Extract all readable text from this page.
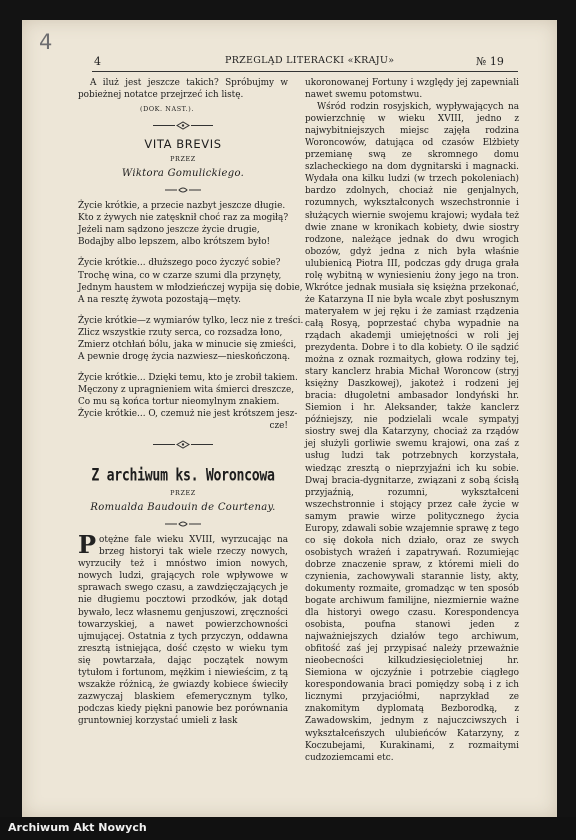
4
4	PRZEGLĄD LITERACKI «KRAJU»	№ 19

A iluż jest jeszcze takich? Spróbujmy w pobieżnej notatce przejrzeć ich listę.

(DOK. NAST.).

VITA BREVIS
PRZEZ
Wiktora Gomulickiego.
Życie krótkie, a przecie nazbyt jeszcze długie.
Kto z żywych nie zatęsknił choć raz za mogiłą?
Jeżeli nam sądzono jeszcze życie drugie,
Bodajby albo lepszem, albo krótszem było!
Życie krótkie... dłuższego poco życzyć sobie?
Trochę wina, co w czarze szumi dla przynęty,
Jednym haustem w młodzieńczej wypija się dobie,
A na resztę żywota pozostają—męty.
Życie krótkie—z wymiarów tylko, lecz nie z treści.
Zlicz wszystkie rzuty serca, co rozsadza łono,
Zmierz otchłań bólu, jaka w minucie się zmieści,
A pewnie drogę życia nazwiesz—nieskończoną.
Życie krótkie... Dzięki temu, kto je zrobił takiem.
Męczony z upragnieniem wita śmierci dreszcze,
Co mu są końca tortur nieomylnym znakiem.
Życie krótkie... O, czemuż nie jest krótszem jesz-
cze!
Z archiwum ks. Woroncowa
PRZEZ
Romualda Baudouin de Courtenay.

Potężne fale wieku XVIII, wyrzucając na brzeg historyi tak wiele rzeczy nowych, wyrzuciły też i mnóstwo imion nowych, nowych ludzi, grających role wpływowe w sprawach swego czasu, a zawdzięczających je nie długiemu pocztowi przodków, jak dotąd bywało, lecz własnemu genjuszowi, zręczności towarzyskiej, a nawet powierzchowności ujmującej. Ostatnia z tych przyczyn, oddawna zresztą istniejąca, dość często w wieku tym się powtarzała, dając początek nowym tytułom i fortunom, mężkim i niewieścim, z tą wszakże różnicą, że gwiazdy kobiece świeciły zazwyczaj blaskiem efemerycznym tylko, podczas kiedy piękni panowie bez porównania gruntowniej korzystać umieli z łask

ukoronowanej Fortuny i względy jej zapewniali nawet swemu potomstwu.

Wśród rodzin rosyjskich, wypływających na powierzchnię w wieku XVIII, jedno z najwybitniejszych miejsc zajęła rodzina Woroncowów, datująca od czasów Elżbiety przemianę swą ze skromnego domu szlacheckiego na dom dygnitarski i magnacki. Wydała ona kilku ludzi (w trzech pokoleniach) bardzo zdolnych, chociaż nie genjalnych, rozumnych, wykształconych wszechstronnie i służących wiernie swojemu krajowi; wydała też dwie znane w kronikach kobiety, dwie siostry rodzone, należące jednak do dwu wrogich obozów, gdyż jedna z nich była właśnie ulubienicą Piotra III, podczas gdy druga grała rolę wybitną w wyniesieniu żony jego na tron. Wkrótce jednak musiała się księżna przekonać, że Katarzyna II nie była wcale zbyt posłusznym materyałem w jej ręku i że zamiast rządzenia całą Rosyą, poprzestać chyba wypadnie na rządach akademji umiejętności w roli jej prezydenta. Dobre i to dla kobiety. O ile sądzić można z oznak rozmaitych, głowa rodziny tej, stary kanclerz hrabia Michał Woroncow (stryj księżny Daszkowej), jakoteż i rodzeni jej bracia: długoletni ambasador londyński hr. Siemion i hr. Aleksander, także kanclerz późniejszy, nie podzielali wcale sympatyj siostry swej dla Katarzyny, chociaż za rządów jej służyli gorliwie swemu krajowi, ona zaś z usług ludzi tak potrzebnych korzystała, wiedząc zresztą o nieprzyjaźni ich ku sobie. Dwaj bracia-dygnitarze, związani z sobą ścisłą przyjaźnią, rozumni, wykształceni wszechstronnie i stojący przez całe życie w samym prawie wirze politycznego życia Europy, zdawali sobie wzajemnie sprawę z tego co się dokoła nich działo, oraz ze swych osobistych wrażeń i zapatrywań. Rozumiejąc dobrze znaczenie spraw, z któremi mieli do czynienia, zachowywali starannie listy, akty, dokumenty rozmaite, gromadząc w ten sposób bogate archiwum familijne, niezmiernie ważne dla historyi owego czasu. Korespondencya osobista, poufna stanowi jeden z najważniejszych działów tego archiwum, obfitość zaś jej przypisać należy przeważnie nieobecności kilkudziesięcioletniej hr. Siemiona w ojczyźnie i potrzebie ciągłego korespondowania braci pomiędzy sobą i z ich licznymi przyjaciółmi, naprzykład ze znakomitym dyplomatą Bezborodką, z Zawadowskim, jednym z najuczciwszych i wykształceńszych ulubieńców Katarzyny, z Koczubejami, Kurakinami, z rozmaitymi cudzoziemcami etc.

Archiwum Akt Nowych
